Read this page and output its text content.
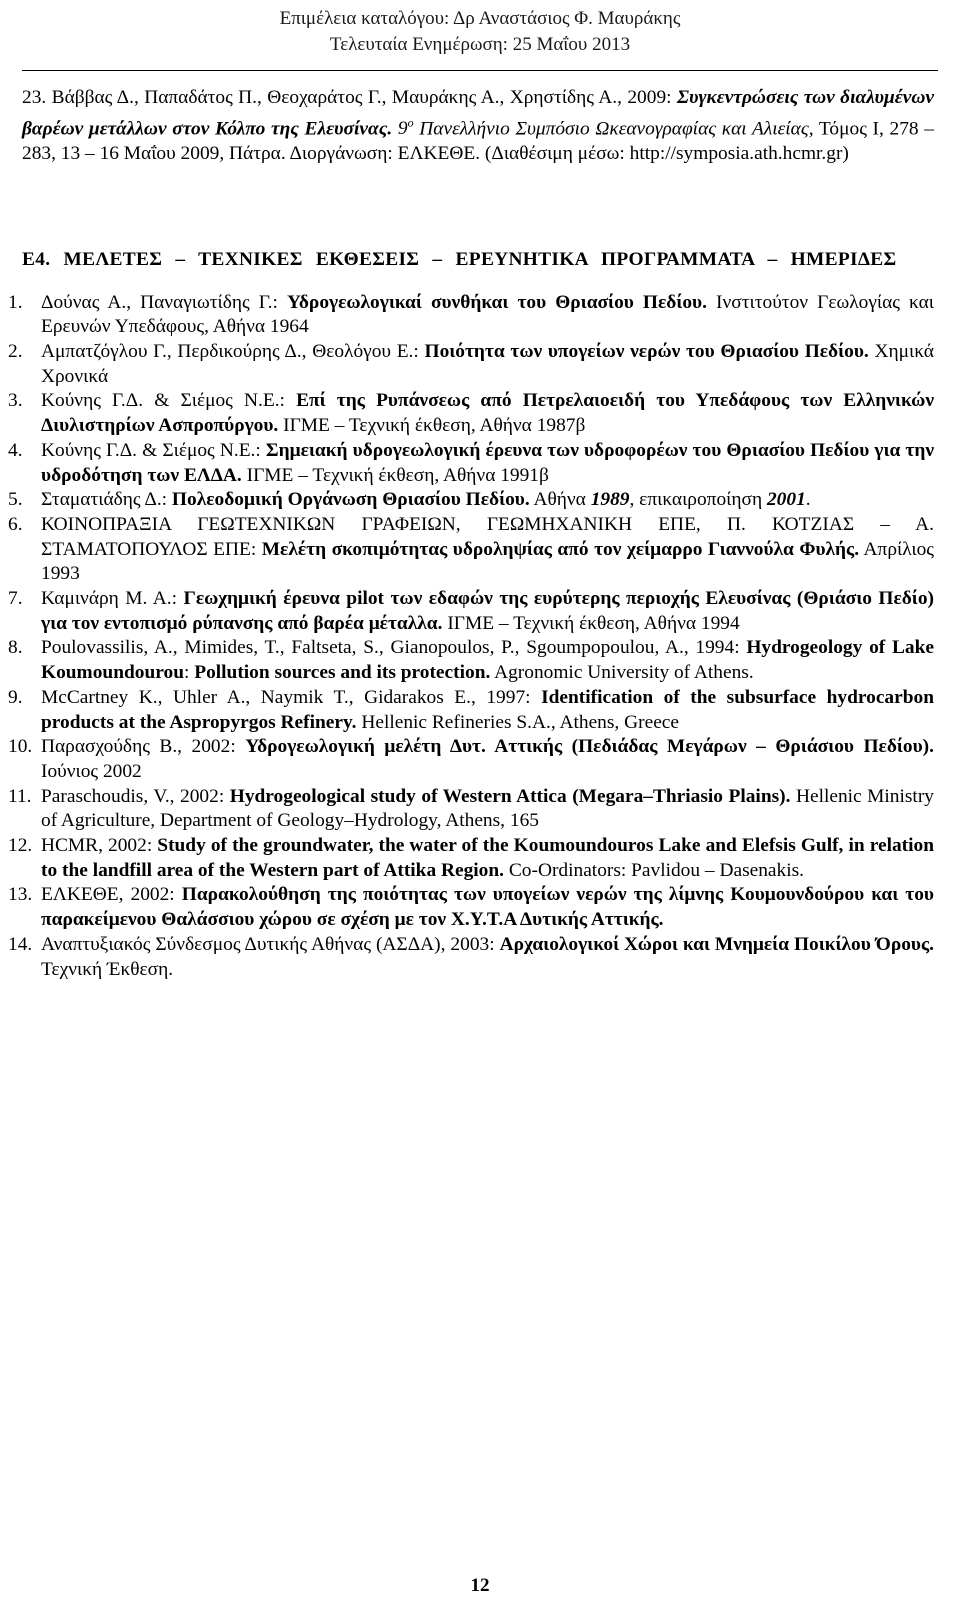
Επιμέλεια καταλόγου: Δρ Αναστάσιος Φ. Μαυράκης
Τελευταία Ενημέρωση: 25 Μαΐου 2013
23. Βάββας Δ., Παπαδάτος Π., Θεοχαράτος Γ., Μαυράκης Α., Χρηστίδης Α., 2009: Συγκεντρώσεις των διαλυμένων βαρέων μετάλλων στον Κόλπο της Ελευσίνας. $9^o$ Πανελλήνιο Συμπόσιο Ωκεανογραφίας και Αλιείας, Τόμος Ι, 278 – 283, 13 – 16 Μαΐου 2009, Πάτρα. Διοργάνωση: ΕΛΚΕΘΕ. (Διαθέσιμη μέσω: http://symposia.ath.hcmr.gr)
Ε4. ΜΕΛΕΤΕΣ – ΤΕΧΝΙΚΕΣ ΕΚΘΕΣΕΙΣ – ΕΡΕΥΝΗΤΙΚΑ ΠΡΟΓΡΑΜΜΑΤΑ – ΗΜΕΡΙΔΕΣ
1. Δούνας Α., Παναγιωτίδης Γ.: Υδρογεωλογικαί συνθήκαι του Θριασίου Πεδίου. Ινστιτούτον Γεωλογίας και Ερευνών Υπεδάφους, Αθήνα 1964
2. Αμπατζόγλου Γ., Περδικούρης Δ., Θεολόγου Ε.: Ποιότητα των υπογείων νερών του Θριασίου Πεδίου. Χημικά Χρονικά
3. Κούνης Γ.Δ. & Σιέμος Ν.Ε.: Επί της Ρυπάνσεως από Πετρελαιοειδή του Υπεδάφους των Ελληνικών Διυλιστηρίων Ασπροπύργου. ΙΓΜΕ – Τεχνική έκθεση, Αθήνα 1987β
4. Κούνης Γ.Δ. & Σιέμος Ν.Ε.: Σημειακή υδρογεωλογική έρευνα των υδροφορέων του Θριασίου Πεδίου για την υδροδότηση των ΕΛΔΑ. ΙΓΜΕ – Τεχνική έκθεση, Αθήνα 1991β
5. Σταματιάδης Δ.: Πολεοδομική Οργάνωση Θριασίου Πεδίου. Αθήνα 1989, επικαιροποίηση 2001.
6. ΚΟΙΝΟΠΡΑΞΙΑ ΓΕΩΤΕΧΝΙΚΩΝ ΓΡΑΦΕΙΩΝ, ΓΕΩΜΗΧΑΝΙΚΗ ΕΠΕ, Π. ΚΟΤΖΙΑΣ – Α. ΣΤΑΜΑΤΟΠΟΥΛΟΣ ΕΠΕ: Μελέτη σκοπιμότητας υδροληψίας από τον χείμαρρο Γιαννούλα Φυλής. Απρίλιος 1993
7. Καμινάρη Μ. Α.: Γεωχημική έρευνα pilot των εδαφών της ευρύτερης περιοχής Ελευσίνας (Θριάσιο Πεδίο) για τον εντοπισμό ρύπανσης από βαρέα μέταλλα. ΙΓΜΕ – Τεχνική έκθεση, Αθήνα 1994
8. Poulovassilis, A., Mimides, T., Faltseta, S., Gianopoulos, P., Sgoumpopoulou, A., 1994: Hydrogeology of Lake Koumoundourou: Pollution sources and its protection. Agronomic University of Athens.
9. McCartney K., Uhler A., Naymik T., Gidarakos E., 1997: Identification of the subsurface hydrocarbon products at the Aspropyrgos Refinery. Hellenic Refineries S.A., Athens, Greece
10. Παρασχούδης Β., 2002: Υδρογεωλογική μελέτη Δυτ. Αττικής (Πεδιάδας Μεγάρων – Θριάσιου Πεδίου). Ιούνιος 2002
11. Paraschoudis, V., 2002: Hydrogeological study of Western Attica (Megara–Thriasio Plains). Hellenic Ministry of Agriculture, Department of Geology–Hydrology, Athens, 165
12. HCMR, 2002: Study of the groundwater, the water of the Koumoundouros Lake and Elefsis Gulf, in relation to the landfill area of the Western part of Attika Region. Co-Ordinators: Pavlidou – Dasenakis.
13. ΕΛΚΕΘΕ, 2002: Παρακολούθηση της ποιότητας των υπογείων νερών της λίμνης Κουμουνδούρου και του παρακείμενου Θαλάσσιου χώρου σε σχέση με τον Χ.Υ.Τ.Α Δυτικής Αττικής.
14. Αναπτυξιακός Σύνδεσμος Δυτικής Αθήνας (ΑΣΔΑ), 2003: Αρχαιολογικοί Χώροι και Μνημεία Ποικίλου Όρους. Τεχνική Έκθεση.
12
